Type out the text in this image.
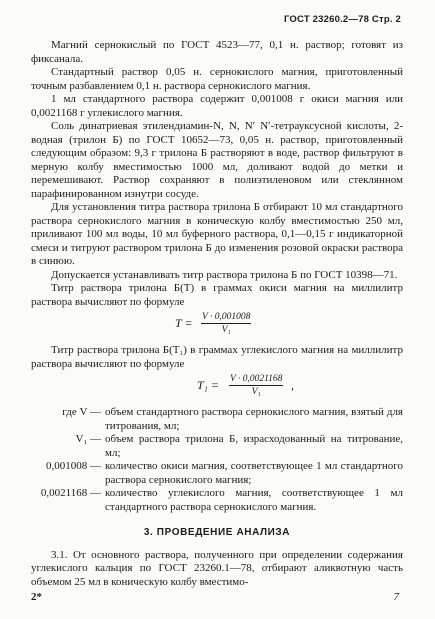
ГОСТ 23260.2—78 Стр. 2

Магний сернокислый по ГОСТ 4523—77, 0,1 н. раствор; готовят из фиксанала.

Стандартный раствор 0,05 н. сернокислого магния, приготовленный точным разбавлением 0,1 н. раствора сернокислого магния.

1 мл стандартного раствора содержит 0,001008 г окиси магния или 0,0021168 г углекислого магния.

Соль динатриевая этилендиамин-N, N, N′ N′-тетрауксусной кислоты, 2-водная (трилон Б) по ГОСТ 10652—73, 0,05 н. раствор, приготовленный следующим образом: 9,3 г трилона Б растворяют в воде, раствор фильтруют в мерную колбу вместимостью 1000 мл, доливают водой до метки и перемешивают. Раствор сохраняют в полиэтиленовом или стеклянном парафинированном изнутри сосуде.

Для установления титра раствора трилона Б отбирают 10 мл стандартного раствора сернокислого магния в коническую колбу вместимостью 250 мл, приливают 100 мл воды, 10 мл буферного раствора, 0,1—0,15 г индикаторной смеси и титруют раствором трилона Б до изменения розовой окраски раствора в синюю.

Допускается устанавливать титр раствора трилона Б по ГОСТ 10398—71.

Титр раствора трилона Б(T) в граммах окиси магния на миллилитр раствора вычисляют по формуле

$T = \frac{V \cdot 0,001008}{\text{V₁}}$

Титр раствора трилона Б(T₁) в граммах углекислого магния на миллилитр раствора вычисляют по формуле

$T_1 = \frac{V \cdot 0,0021168}{\text{V₁}}$ ,
где V — объем стандартного раствора сернокислого магния, взятый для титрования, мл;
V₁ — объем раствора трилона Б, израсходованный на титрование, мл;
0,001008 — количество окиси магния, соответствующее 1 мл стандартного раствора сернокислого магния;
0,0021168 — количество углекислого магния, соответствующее 1 мл стандартного раствора сернокислого магния.
3. ПРОВЕДЕНИЕ АНАЛИЗА

3.1. От основного раствора, полученного при определении содержания углекислого кальция по ГОСТ 23260.1—78, отбирают аликвотную часть объемом 25 мл в коническую колбу вместимо-

2*	7
